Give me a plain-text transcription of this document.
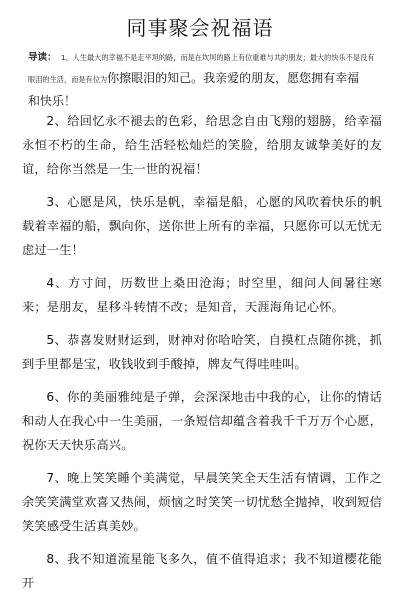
同事聚会祝福语
导读： 1、人生最大的幸福不是走平坦的路，而是在坎坷的路上有位重难与共的朋友；最大的快乐不是没有眼泪的生活，而是有位为你擦眼泪的知己。我亲爱的朋友，愿您拥有幸福
和快乐！

2、给回忆永不褪去的色彩，给思念自由飞翔的翅膀，给幸福永恒不朽的生命，给生活轻松灿烂的笑脸，给朋友诚挚美好的友谊，给你当然是一生一世的祝福！

3、心愿是风，快乐是帆，幸福是船，心愿的风吹着快乐的帆载着幸福的船，飘向你，送你世上所有的幸福，只愿你可以无忧无虑过一生！

4、方寸间，历数世上桑田沧海；时空里，细问人间暑往寒来；是朋友，星移斗转情不改；是知音，天涯海角记心怀。

5、恭喜发财财运到，财神对你哈哈笑，自摸杠点随你挑，抓到手里都是宝，收钱收到手酸掉，牌友气得哇哇叫。

6、你的美丽雅纯是子弹，会深深地击中我的心，让你的情话和动人在我心中一生美丽，一条短信却蕴含着我千千万万个心愿，祝你天天快乐高兴。

7、晚上笑笑睡个美满觉，早晨笑笑全天生活有情调，工作之余笑笑满堂欢喜又热闹，烦恼之时笑笑一切忧愁全抛掉，收到短信笑笑感受生活真美妙。

8、我不知道流星能飞多久，值不值得追求；我不知道樱花能开
